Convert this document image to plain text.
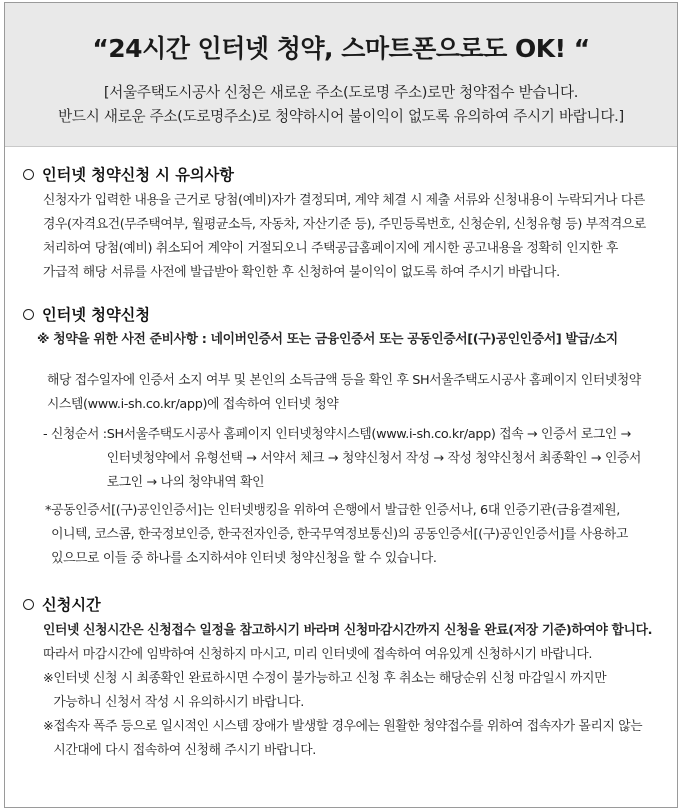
“24시간 인터넷 청약, 스마트폰으로도 OK! “
[서울주택도시공사 신청은 새로운 주소(도로명 주소)로만 청약접수 받습니다.
반드시 새로운 주소(도로명주소)로 청약하시어 불이익이 없도록 유의하여 주시기 바랍니다.]
인터넷 청약신청 시 유의사항
신청자가 입력한 내용을 근거로 당첨(예비)자가 결정되며, 계약 체결 시 제출 서류와 신청내용이 누락되거나 다른
경우(자격요건(무주택여부, 월평균소득, 자동차, 자산기준 등), 주민등록번호, 신청순위, 신청유형 등) 부적격으로
처리하여 당첨(예비) 취소되어 계약이 거절되오니 주택공급홈페이지에 게시한 공고내용을 정확히 인지한 후
가급적 해당 서류를 사전에 발급받아 확인한 후 신청하여 불이익이 없도록 하여 주시기 바랍니다.
인터넷 청약신청
※ 청약을 위한 사전 준비사항 : 네이버인증서 또는 금융인증서 또는 공동인증서[(구)공인인증서] 발급/소지
해당 접수일자에 인증서 소지 여부 및 본인의 소득금액 등을 확인 후 SH서울주택도시공사 홈페이지 인터넷청약
시스템(www.i-sh.co.kr/app)에 접속하여 인터넷 청약
- 신청순서 : SH서울주택도시공사 홈페이지 인터넷청약시스템(www.i-sh.co.kr/app) 접속 → 인증서 로그인 →
인터넷청약에서 유형선택 → 서약서 체크 → 청약신청서 작성 → 작성 청약신청서 최종확인 → 인증서
로그인 → 나의 청약내역 확인
* 공동인증서[(구)공인인증서]는 인터넷뱅킹을 위하여 은행에서 발급한 인증서나, 6대 인증기관(금융결제원,
이니텍, 코스콤, 한국정보인증, 한국전자인증, 한국무역정보통신)의 공동인증서[(구)공인인증서]를 사용하고
있으므로 이들 중 하나를 소지하셔야 인터넷 청약신청을 할 수 있습니다.
신청시간
인터넷 신청시간은 신청접수 일정을 참고하시기 바라며 신청마감시간까지 신청을 완료(저장 기준)하여야 합니다.
따라서 마감시간에 임박하여 신청하지 마시고, 미리 인터넷에 접속하여 여유있게 신청하시기 바랍니다.
※ 인터넷 신청 시 최종확인 완료하시면 수정이 불가능하고 신청 후 취소는 해당순위 신청 마감일시 까지만
가능하니 신청서 작성 시 유의하시기 바랍니다.
※ 접속자 폭주 등으로 일시적인 시스템 장애가 발생할 경우에는 원활한 청약접수를 위하여 접속자가 몰리지 않는
시간대에 다시 접속하여 신청해 주시기 바랍니다.
